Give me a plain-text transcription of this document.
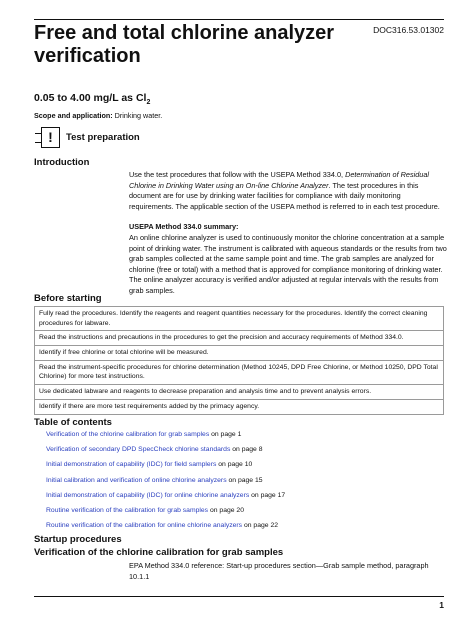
DOC316.53.01302
Free and total chlorine analyzer verification
0.05 to 4.00 mg/L as $Cl_2$
Scope and application: Drinking water.
!	Test preparation
Introduction

Use the test procedures that follow with the USEPA Method 334.0, Determination of Residual Chlorine in Drinking Water using an On-line Chlorine Analyzer. The test procedures in this document are for use by drinking water facilities for compliance with daily monitoring requirements. The applicable section of the USEPA method is referred to in each test procedure.

USEPA Method 334.0 summary:

An online chlorine analyzer is used to continuously monitor the chlorine concentration at a sample point of drinking water. The instrument is calibrated with aqueous standards or the results from two grab samples collected at the same sample point and time. The grab samples are analyzed for chlorine (free or total) with a method that is approved for compliance monitoring of drinking water. The online analyzer accuracy is verified and/or adjusted at regular intervals with the results from grab samples.

Before starting
Fully read the procedures. Identify the reagents and reagent quantities necessary for the procedures. Identify the correct cleaning procedures for labware.
Read the instructions and precautions in the procedures to get the precision and accuracy requirements of Method 334.0.
Identify if free chlorine or total chlorine will be measured.
Read the instrument-specific procedures for chlorine determination (Method 10245, DPD Free Chlorine, or Method 10250, DPD Total Chlorine) for more test instructions.
Use dedicated labware and reagents to decrease preparation and analysis time and to prevent analysis errors.
Identify if there are more test requirements added by the primacy agency.
Table of contents
Verification of the chlorine calibration for grab samples on page 1
Verification of secondary DPD SpecCheck chlorine standards on page 8
Initial demonstration of capability (IDC) for field samplers on page 10
Initial calibration and verification of online chlorine analyzers on page 15
Initial demonstration of capability (IDC) for online chlorine analyzers on page 17
Routine verification of the calibration for grab samples on page 20
Routine verification of the calibration for online chlorine analyzers on page 22
Startup procedures
Verification of the chlorine calibration for grab samples

EPA Method 334.0 reference: Start-up procedures section—Grab sample method, paragraph 10.1.1

1
